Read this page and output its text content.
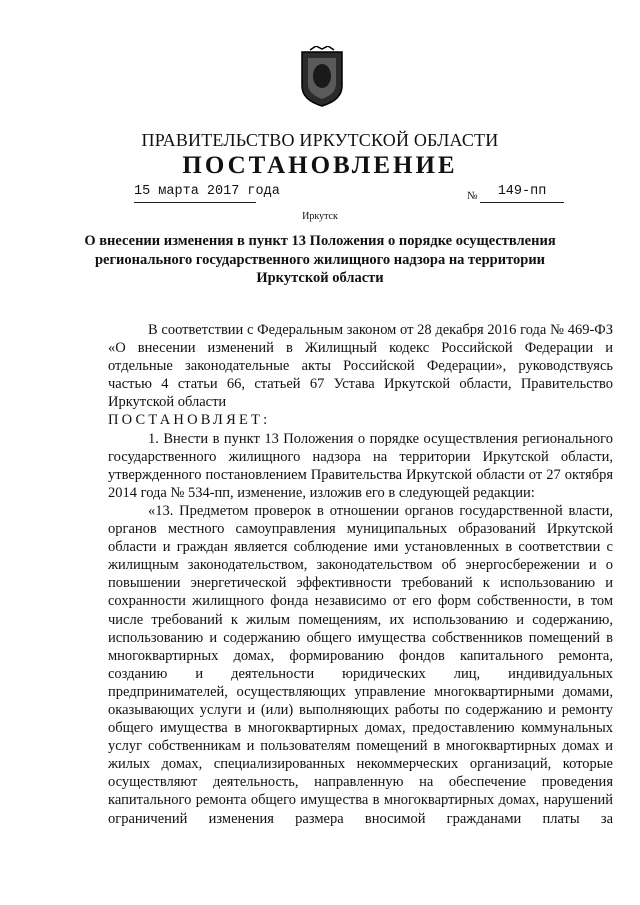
ПРАВИТЕЛЬСТВО ИРКУТСКОЙ ОБЛАСТИ
ПОСТАНОВЛЕНИЕ
15 марта 2017 года	№	149-пп
Иркутск
О внесении изменения в пункт 13 Положения о порядке осуществления регионального государственного жилищного надзора на территории Иркутской области

В соответствии с Федеральным законом от 28 декабря 2016 года № 469-ФЗ «О внесении изменений в Жилищный кодекс Российской Федерации и отдельные законодательные акты Российской Федерации», руководствуясь частью 4 статьи 66, статьей 67 Устава Иркутской области, Правительство Иркутской области

ПОСТАНОВЛЯЕТ:

1. Внести в пункт 13 Положения о порядке осуществления регионального государственного жилищного надзора на территории Иркутской области, утвержденного постановлением Правительства Иркутской области от 27 октября 2014 года № 534-пп, изменение, изложив его в следующей редакции:

«13. Предметом проверок в отношении органов государственной власти, органов местного самоуправления муниципальных образований Иркутской области и граждан является соблюдение ими установленных в соответствии с жилищным законодательством, законодательством об энергосбережении и о повышении энергетической эффективности требований к использованию и сохранности жилищного фонда независимо от его форм собственности, в том числе требований к жилым помещениям, их использованию и содержанию, использованию и содержанию общего имущества собственников помещений в многоквартирных домах, формированию фондов капитального ремонта, созданию и деятельности юридических лиц, индивидуальных предпринимателей, осуществляющих управление многоквартирными домами, оказывающих услуги и (или) выполняющих работы по содержанию и ремонту общего имущества в многоквартирных домах, предоставлению коммунальных услуг собственникам и пользователям помещений в многоквартирных домах и жилых домах, специализированных некоммерческих организаций, которые осуществляют деятельность, направленную на обеспечение проведения капитального ремонта общего имущества в многоквартирных домах, нарушений ограничений изменения размера вносимой гражданами платы за
